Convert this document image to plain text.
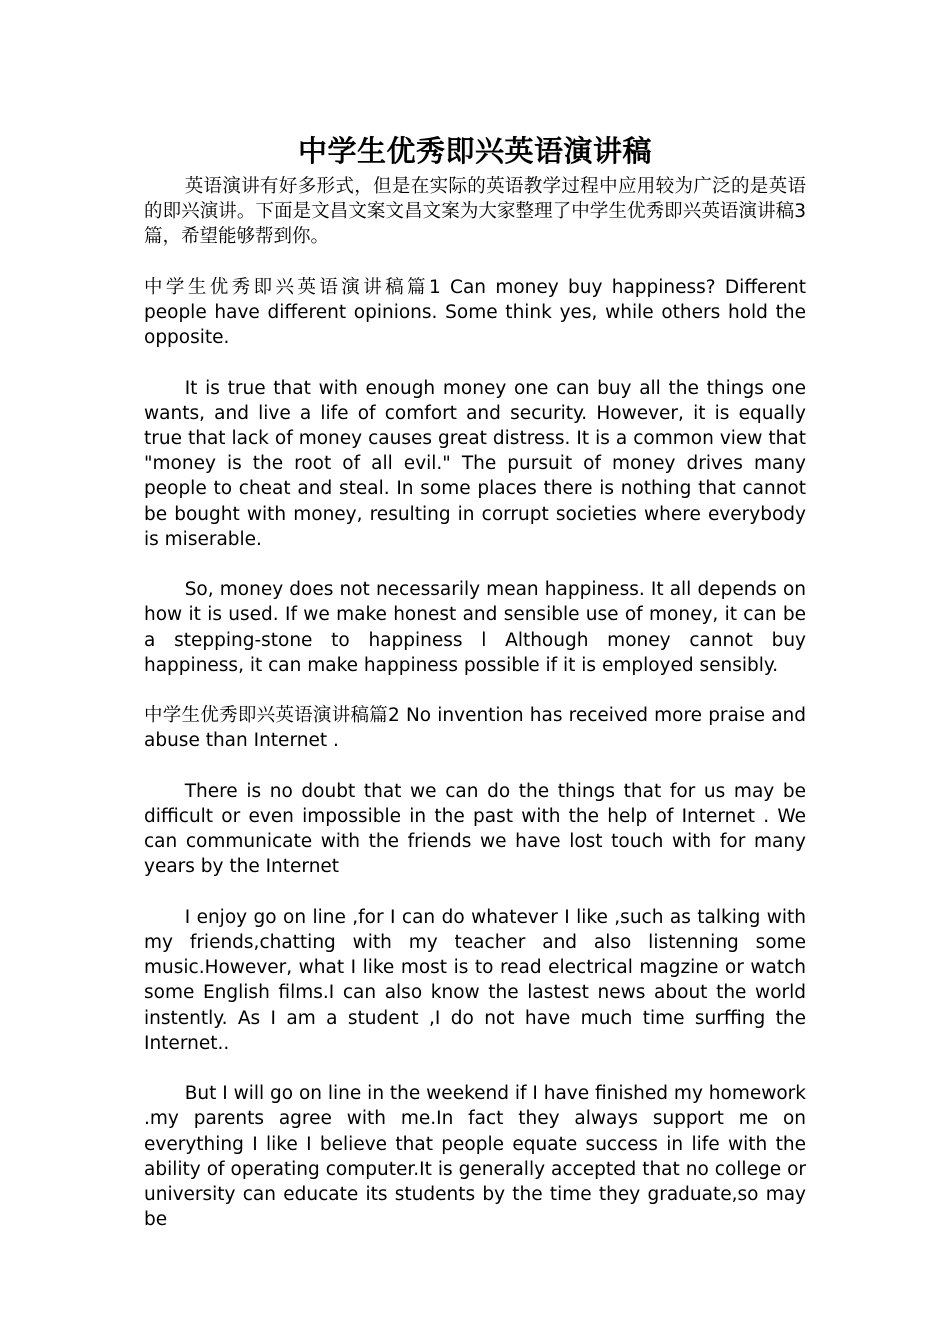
中学生优秀即兴英语演讲稿

英语演讲有好多形式，但是在实际的英语教学过程中应用较为广泛的是英语的即兴演讲。下面是文昌文案文昌文案为大家整理了中学生优秀即兴英语演讲稿3篇，希望能够帮到你。

中学生优秀即兴英语演讲稿篇1 Can money buy happiness? Different people have different opinions. Some think yes, while others hold the opposite.

It is true that with enough money one can buy all the things one wants, and live a life of comfort and security. However, it is equally true that lack of money causes great distress. It is a common view that "money is the root of all evil." The pursuit of money drives many people to cheat and steal. In some places there is nothing that cannot be bought with money, resulting in corrupt societies where everybody is miserable.

So, money does not necessarily mean happiness. It all depends on how it is used. If we make honest and sensible use of money, it can be a stepping-stone to happiness l Although money cannot buy happiness, it can make happiness possible if it is employed sensibly.

中学生优秀即兴英语演讲稿篇2 No invention has received more praise and abuse than Internet .

There is no doubt that we can do the things that for us may be difficult or even impossible in the past with the help of Internet . We can communicate with the friends we have lost touch with for many years by the Internet

I enjoy go on line ,for I can do whatever I like ,such as talking with my friends,chatting with my teacher and also listenning some music.However, what I like most is to read electrical magzine or watch some English films.I can also know the lastest news about the world instently. As I am a student ,I do not have much time surffing the Internet..

But I will go on line in the weekend if I have finished my homework .my parents agree with me.In fact they always support me on everything I like I believe that people equate success in life with the ability of operating computer.It is generally accepted that no college or university can educate its students by the time they graduate,so may be
